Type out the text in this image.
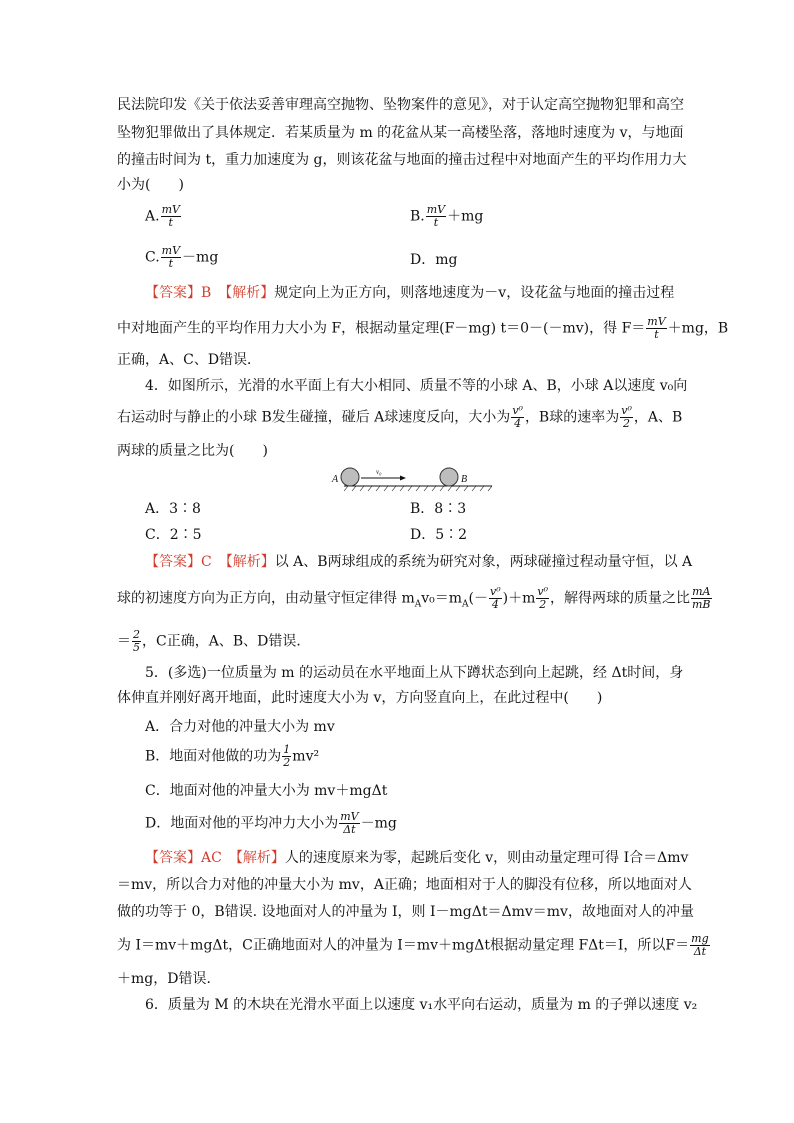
民法院印发《关于依法妥善审理高空抛物、坠物案件的意见》，对于认定高空抛物犯罪和高空
坠物犯罪做出了具体规定．若某质量为 m 的花盆从某一高楼坠落，落地时速度为 v，与地面
的撞击时间为 t，重力加速度为 g，则该花盆与地面的撞击过程中对地面产生的平均作用力大
小为(　　)
A. $\frac{mV}{t}$	B. $\frac{mV}{t} +mg$
C. $\frac{mV}{t} -mg$	D．mg
【答案】B　 【解析】规定向上为正方向，则落地速度为－v，设花盆与地面的撞击过程
中对地面产生的平均作用力大小为 F，根据动量定理(F－mg) t＝0－(－mv)，得 $F= \frac{mV}{t} +mg$，B
正确，A、C、D错误．
4．如图所示，光滑的水平面上有大小相同、质量不等的小球 A、B，小球 A以速度 v₀向
右运动时与静止的小球 B发生碰撞，碰后 A球速度反向，大小为 $\frac{\text{v⁰}}{4}$ ，B球的速率为 $\frac{\text{v⁰}}{2}$ ，A、B
两球的质量之比为(　　)
A
v₀
B
A．3∶8	B．8∶3
C．2∶5	D．5∶2
【答案】C　 【解析】以 A、B两球组成的系统为研究对象，两球碰撞过程动量守恒，以 A
球的初速度方向为正方向，由动量守恒定律得 $m_Av_0=m_A(- \frac{\text{v⁰}}{4} )+m \frac{\text{v⁰}}{2}$ ，解得两球的质量之比 $\frac{mA}{mB}$
＝ $\frac{2}{5}$ ，C正确，A、B、D错误．
5．(多选)一位质量为 m 的运动员在水平地面上从下蹲状态到向上起跳，经 Δt时间，身
体伸直并刚好离开地面，此时速度大小为 v，方向竖直向上，在此过程中(　　)
A．合力对他的冲量大小为 mv
B．地面对他做的功为 $\frac{1}{2} mv^2$
C．地面对他的冲量大小为 mv＋mgΔt
D．地面对他的平均冲力大小为 $\frac{mV}{\Delta t} -mg$
【答案】AC　 【解析】人的速度原来为零，起跳后变化 v，则由动量定理可得 I合＝Δmv
＝mv，所以合力对他的冲量大小为 mv，A正确；地面相对于人的脚没有位移，所以地面对人
做的功等于 0，B错误. 设地面对人的冲量为 I，则 I－mgΔt＝Δmv＝mv，故地面对人的冲量
为 I＝mv＋mgΔt，C正确地面对人的冲量为 I＝mv＋mgΔt根据动量定理 FΔt＝I，所以$F= \frac{mg}{\Delta t}$
＋mg，D错误．
6．质量为 M 的木块在光滑水平面上以速度 v₁水平向右运动，质量为 m 的子弹以速度 v₂
